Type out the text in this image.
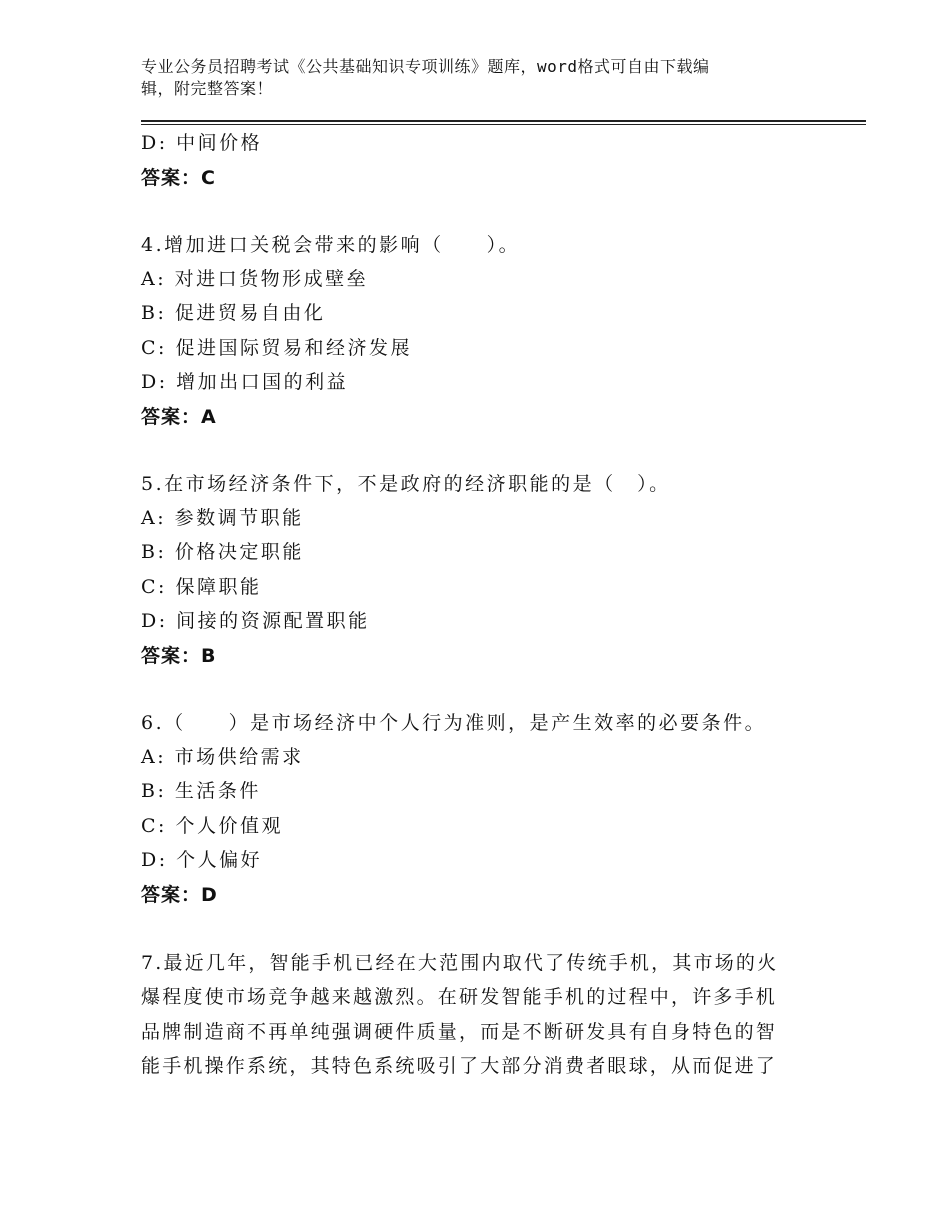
专业公务员招聘考试《公共基础知识专项训练》题库，word格式可自由下载编
辑，附完整答案！
D: 中间价格
答案：C
4.增加进口关税会带来的影响（　　）。
A: 对进口货物形成壁垒
B: 促进贸易自由化
C: 促进国际贸易和经济发展
D: 增加出口国的利益
答案：A
5.在市场经济条件下，不是政府的经济职能的是（　）。
A: 参数调节职能
B: 价格决定职能
C: 保障职能
D: 间接的资源配置职能
答案：B
6.（　　）是市场经济中个人行为准则，是产生效率的必要条件。
A: 市场供给需求
B: 生活条件
C: 个人价值观
D: 个人偏好
答案：D
7.最近几年，智能手机已经在大范围内取代了传统手机，其市场的火
爆程度使市场竞争越来越激烈。在研发智能手机的过程中，许多手机
品牌制造商不再单纯强调硬件质量，而是不断研发具有自身特色的智
能手机操作系统，其特色系统吸引了大部分消费者眼球，从而促进了
